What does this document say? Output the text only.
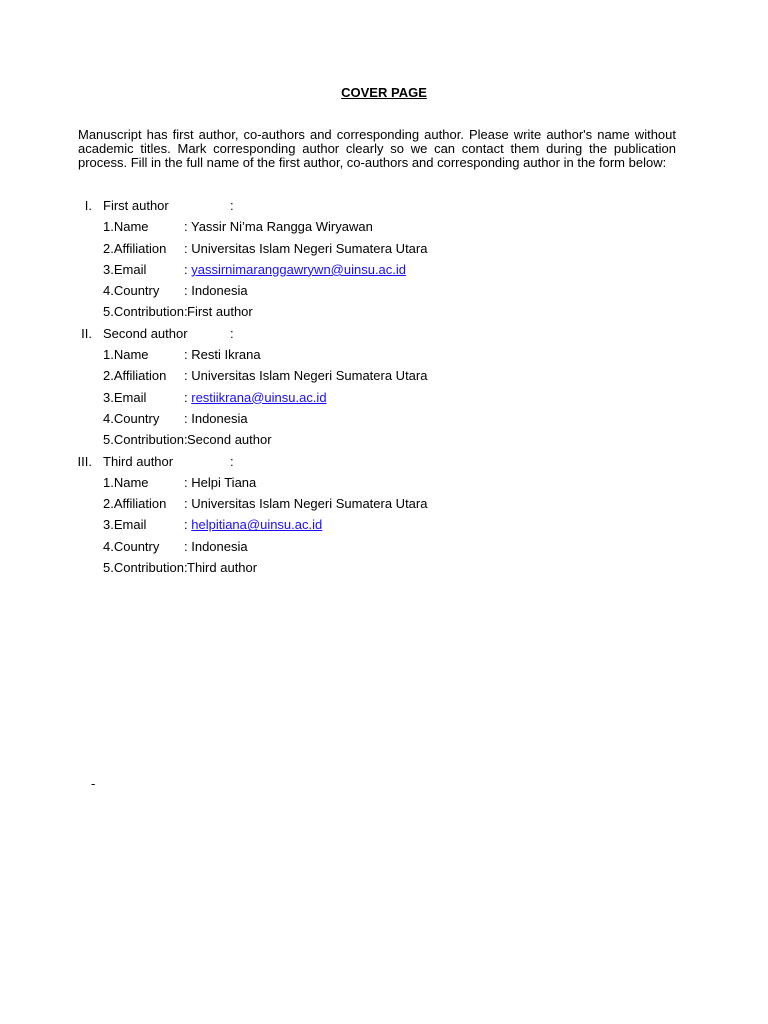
COVER PAGE
Manuscript has first author, co-authors and corresponding author. Please write author's name without academic titles. Mark corresponding author clearly so we can contact them during the publication process. Fill in the full name of the first author, co-authors and corresponding author in the form below:
I. First author	:
1.Name	: Yassir Ni’ma Rangga Wiryawan
2.Affiliation : Universitas Islam Negeri Sumatera Utara
3.Email	: yassirnimaranggawrywn@uinsu.ac.id
4.Country : Indonesia
5.Contribution: First author
II. Second author	:
1.Name	: Resti Ikrana
2.Affiliation : Universitas Islam Negeri Sumatera Utara
3.Email	: restiikrana@uinsu.ac.id
4.Country : Indonesia
5.Contribution: Second author
III. Third author	:
1.Name	: Helpi Tiana
2.Affiliation : Universitas Islam Negeri Sumatera Utara
3.Email	: helpitiana@uinsu.ac.id
4.Country : Indonesia
5.Contribution: Third author
-
